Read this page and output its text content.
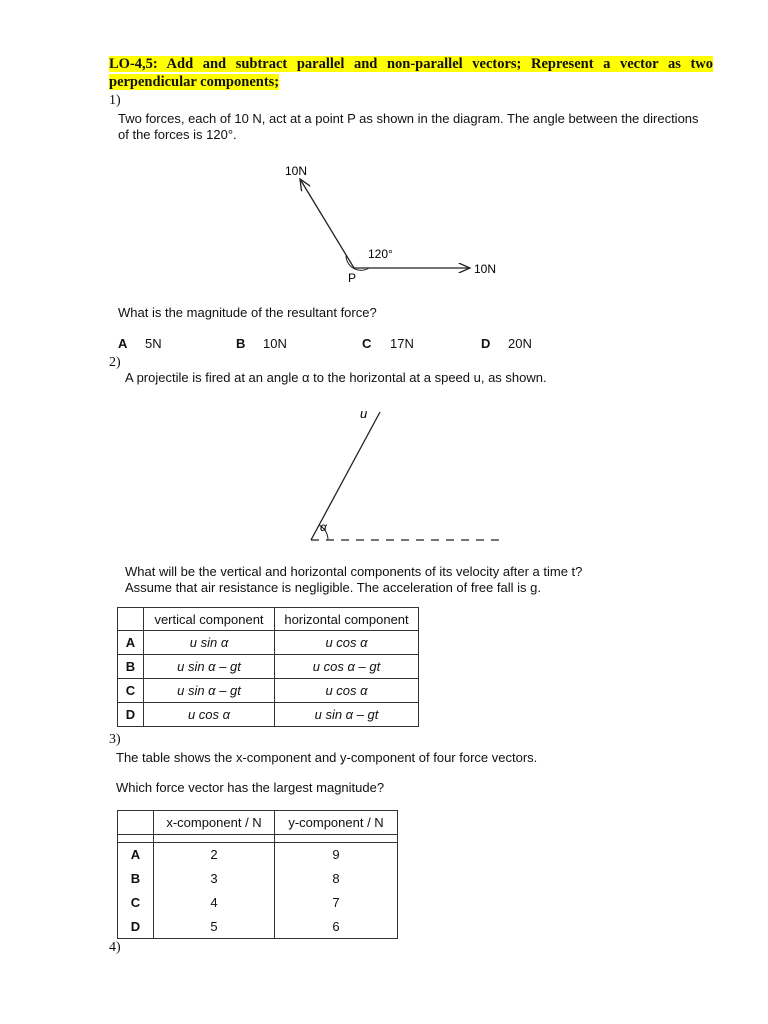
LO-4,5: Add and subtract parallel and non-parallel vectors; Represent a vector as two perpendicular components;
1)
Two forces, each of 10 N, act at a point P as shown in the diagram. The angle between the directions of the forces is 120°.
10N
10N
120°
P
What is the magnitude of the resultant force?
A 5N	B 10N	C 17N	D 20N
2)
A projectile is fired at an angle α to the horizontal at a speed u, as shown.
u
α
What will be the vertical and horizontal components of its velocity after a time t?
Assume that air resistance is negligible. The acceleration of free fall is g.
	vertical component	horizontal component
A	u sin α	u cos α
B	u sin α – gt	u cos α – gt
C	u sin α – gt	u cos α
D	u cos α	u sin α – gt
3)
The table shows the x-component and y-component of four force vectors.
Which force vector has the largest magnitude?
	x-component / N	y-component / N

A	2	9
B	3	8
C	4	7
D	5	6
4)
